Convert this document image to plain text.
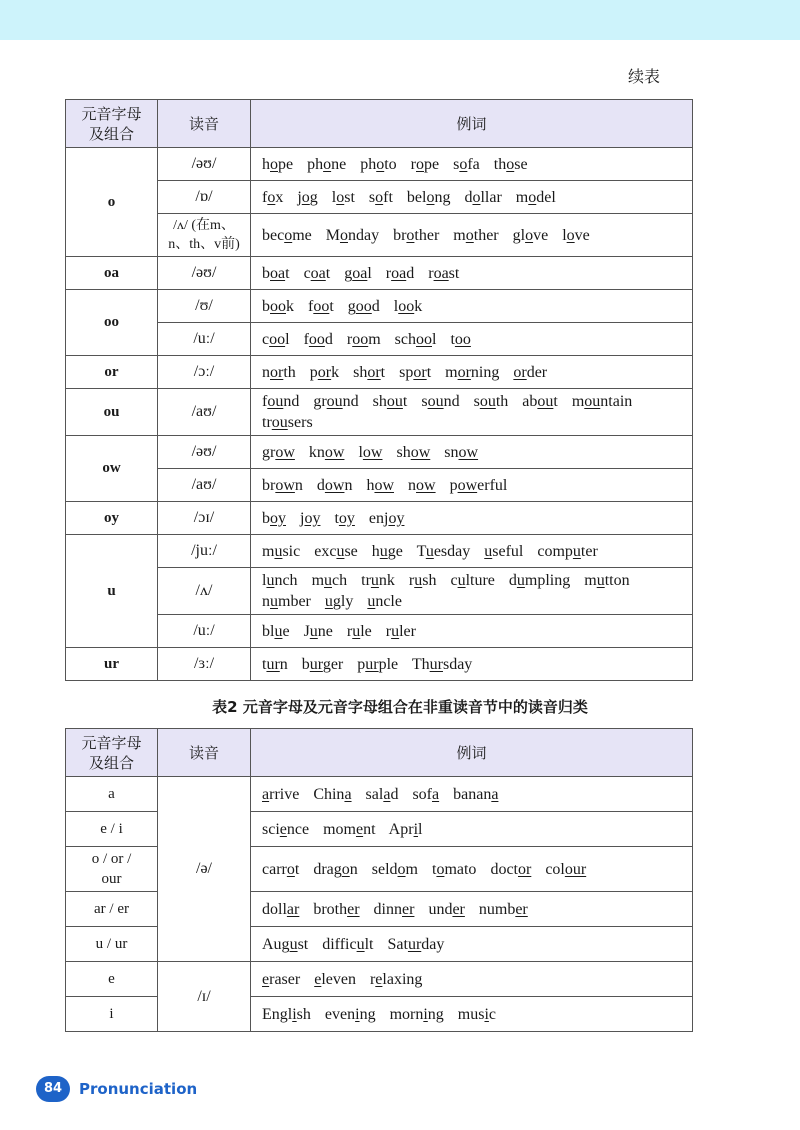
续表
元音字母
及组合	读音	例词
o	/əʊ/	hope phone photo rope sofa those
	/ɒ/	fox jog lost soft belong dollar model
	/ʌ/ (在m、
n、th、v前)	become Monday brother mother glove love
oa	/əʊ/	boat coat goal road roast
oo	/ʊ/	book foot good look
	/uː/	cool food room school too
or	/ɔː/	north pork short sport morning order
ou	/aʊ/	found ground shout sound south about mountain trousers
ow	/əʊ/	grow know low show snow
	/aʊ/	brown down how now powerful
oy	/ɔɪ/	boy joy toy enjoy
u	/juː/	music excuse huge Tuesday useful computer
	/ʌ/	lunch much trunk rush culture dumpling mutton number ugly uncle
	/uː/	blue June rule ruler
ur	/ɜː/	turn burger purple Thursday
表2 元音字母及元音字母组合在非重读音节中的读音归类
元音字母
及组合	读音	例词
a	/ə/	arrive China salad sofa banana
e / i		science moment April
o / or /
our		carrot dragon seldom tomato doctor colour
ar / er		dollar brother dinner under number
u / ur		August difficult Saturday
e	/ɪ/	eraser eleven relaxing
i		English evening morning music
84	Pronunciation
